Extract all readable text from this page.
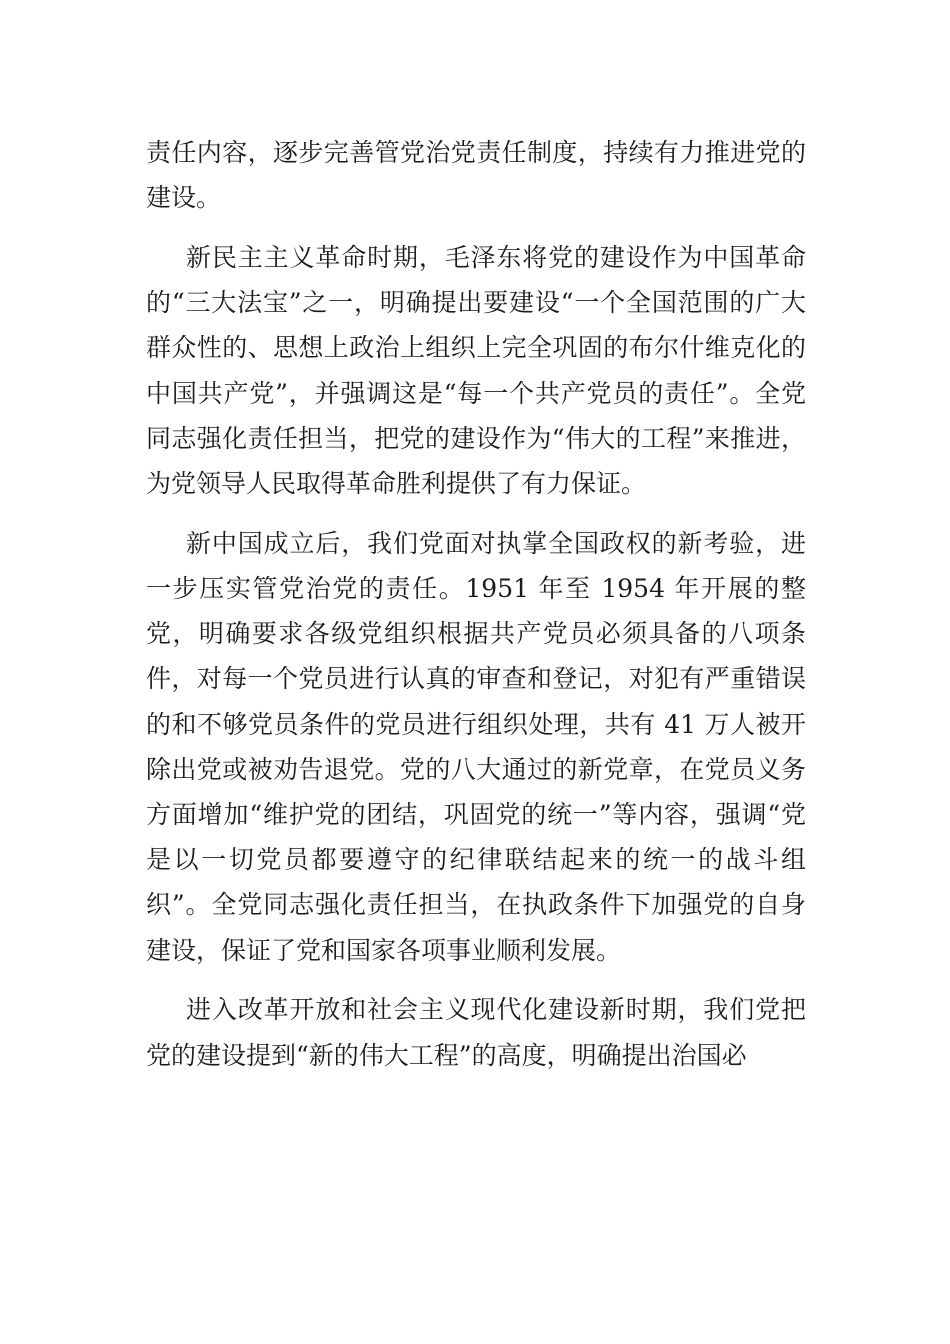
责任内容，逐步完善管党治党责任制度，持续有力推进党的建设。

新民主主义革命时期，毛泽东将党的建设作为中国革命的“三大法宝”之一，明确提出要建设“一个全国范围的广大群众性的、思想上政治上组织上完全巩固的布尔什维克化的中国共产党”，并强调这是“每一个共产党员的责任”。全党同志强化责任担当，把党的建设作为“伟大的工程”来推进，为党领导人民取得革命胜利提供了有力保证。

新中国成立后，我们党面对执掌全国政权的新考验，进一步压实管党治党的责任。1951 年至 1954 年开展的整党，明确要求各级党组织根据共产党员必须具备的八项条件，对每一个党员进行认真的审查和登记，对犯有严重错误的和不够党员条件的党员进行组织处理，共有 41 万人被开除出党或被劝告退党。党的八大通过的新党章，在党员义务方面增加“维护党的团结，巩固党的统一”等内容，强调“党是以一切党员都要遵守的纪律联结起来的统一的战斗组织”。全党同志强化责任担当，在执政条件下加强党的自身建设，保证了党和国家各项事业顺利发展。

进入改革开放和社会主义现代化建设新时期，我们党把党的建设提到“新的伟大工程”的高度，明确提出治国必
